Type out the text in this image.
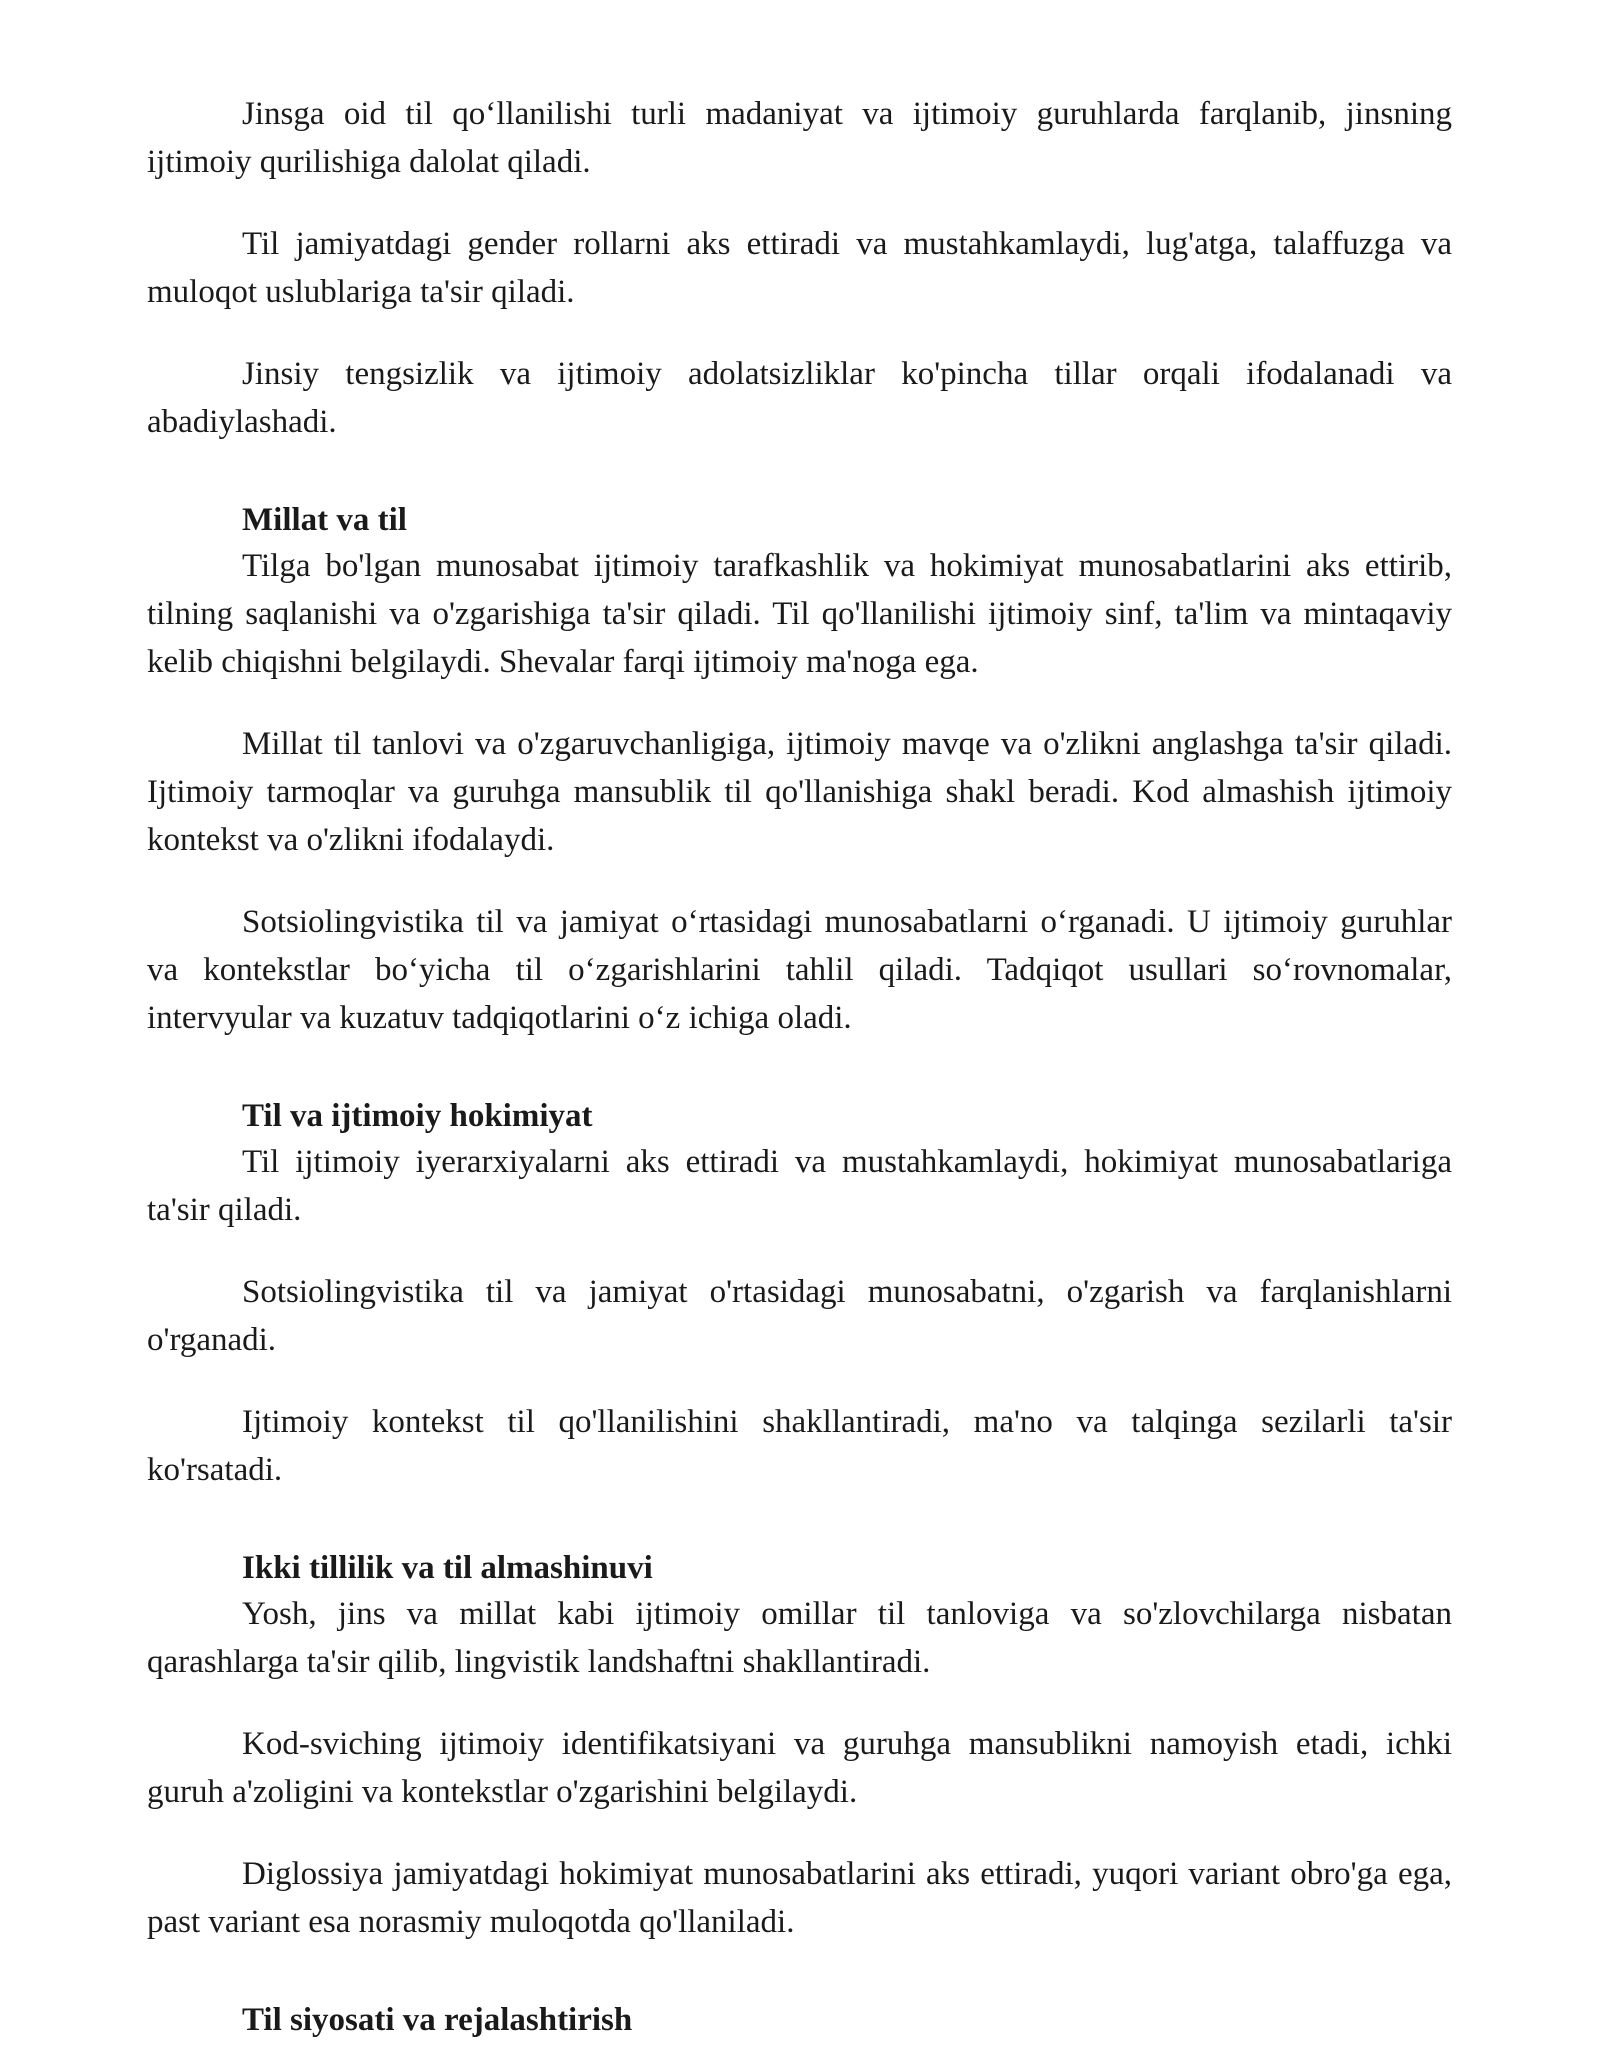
Jinsga oid til qo‘llanilishi turli madaniyat va ijtimoiy guruhlarda farqlanib, jinsning ijtimoiy qurilishiga dalolat qiladi.

Til jamiyatdagi gender rollarni aks ettiradi va mustahkamlaydi, lug'atga, talaffuzga va muloqot uslublariga ta'sir qiladi.

Jinsiy tengsizlik va ijtimoiy adolatsizliklar ko'pincha tillar orqali ifodalanadi va abadiylashadi.

Millat va til

Tilga bo'lgan munosabat ijtimoiy tarafkashlik va hokimiyat munosabatlarini aks ettirib, tilning saqlanishi va o'zgarishiga ta'sir qiladi. Til qo'llanilishi ijtimoiy sinf, ta'lim va mintaqaviy kelib chiqishni belgilaydi. Shevalar farqi ijtimoiy ma'noga ega.

Millat til tanlovi va o'zgaruvchanligiga, ijtimoiy mavqe va o'zlikni anglashga ta'sir qiladi. Ijtimoiy tarmoqlar va guruhga mansublik til qo'llanishiga shakl beradi. Kod almashish ijtimoiy kontekst va o'zlikni ifodalaydi.

Sotsiolingvistika til va jamiyat o‘rtasidagi munosabatlarni o‘rganadi. U ijtimoiy guruhlar va kontekstlar bo‘yicha til o‘zgarishlarini tahlil qiladi. Tadqiqot usullari so‘rovnomalar, intervyular va kuzatuv tadqiqotlarini o‘z ichiga oladi.

Til va ijtimoiy hokimiyat

Til ijtimoiy iyerarxiyalarni aks ettiradi va mustahkamlaydi, hokimiyat munosabatlariga ta'sir qiladi.

Sotsiolingvistika til va jamiyat o'rtasidagi munosabatni, o'zgarish va farqlanishlarni o'rganadi.

Ijtimoiy kontekst til qo'llanilishini shakllantiradi, ma'no va talqinga sezilarli ta'sir ko'rsatadi.

Ikki tillilik va til almashinuvi

Yosh, jins va millat kabi ijtimoiy omillar til tanloviga va so'zlovchilarga nisbatan qarashlarga ta'sir qilib, lingvistik landshaftni shakllantiradi.

Kod-sviching ijtimoiy identifikatsiyani va guruhga mansublikni namoyish etadi, ichki guruh a'zoligini va kontekstlar o'zgarishini belgilaydi.

Diglossiya jamiyatdagi hokimiyat munosabatlarini aks ettiradi, yuqori variant obro'ga ega, past variant esa norasmiy muloqotda qo'llaniladi.

Til siyosati va rejalashtirish
